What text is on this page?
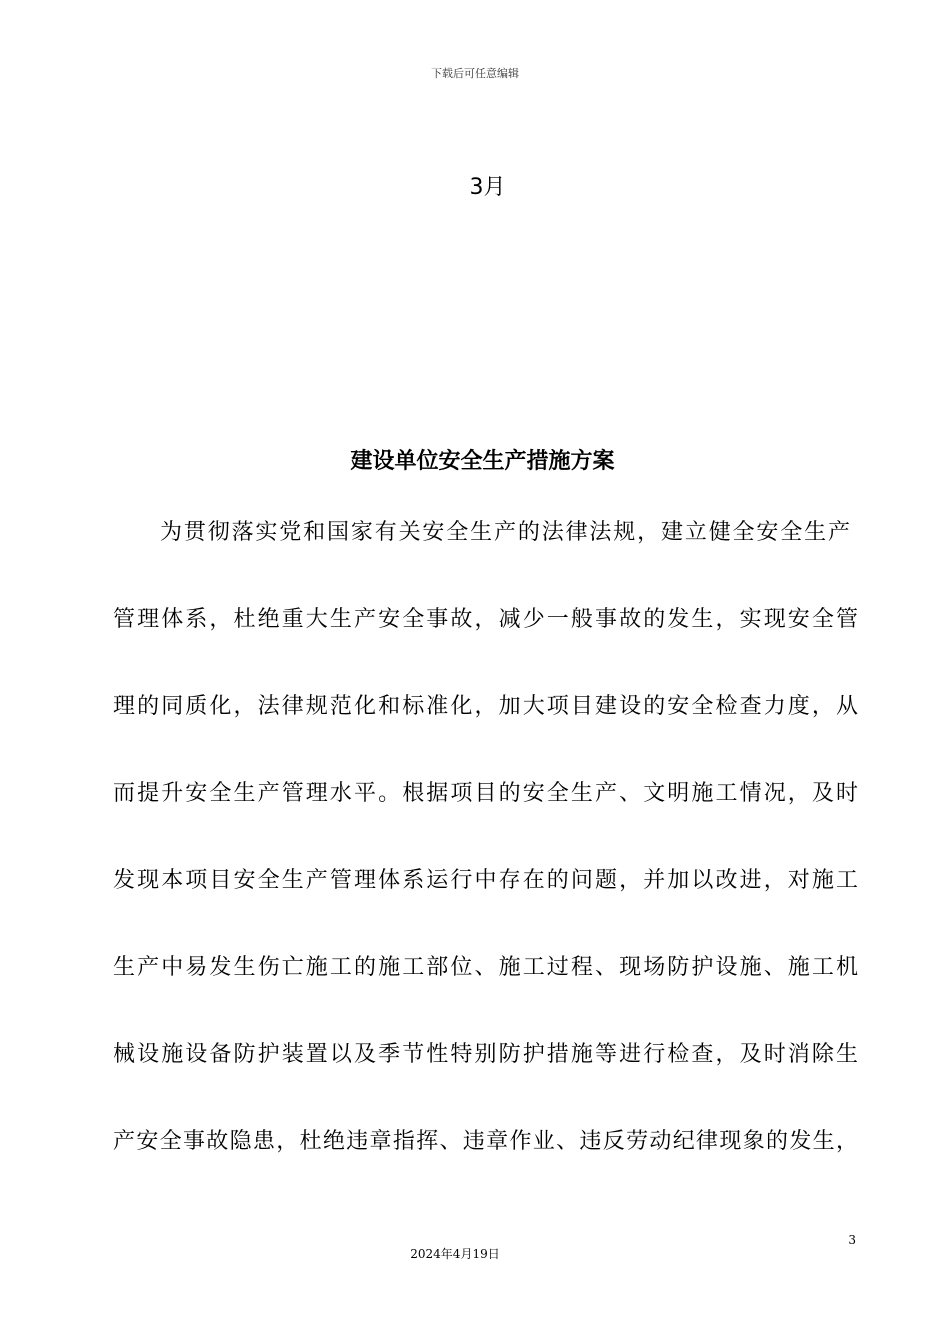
下载后可任意编辑
3月
建设单位安全生产措施方案
为贯彻落实党和国家有关安全生产的法律法规，建立健全安全生产
管理体系，杜绝重大生产安全事故，减少一般事故的发生，实现安全管
理的同质化，法律规范化和标准化，加大项目建设的安全检查力度，从
而提升安全生产管理水平。根据项目的安全生产、文明施工情况，及时
发现本项目安全生产管理体系运行中存在的问题，并加以改进，对施工
生产中易发生伤亡施工的施工部位、施工过程、现场防护设施、施工机
械设施设备防护装置以及季节性特别防护措施等进行检查，及时消除生
产安全事故隐患，杜绝违章指挥、违章作业、违反劳动纪律现象的发生，
3
2024年4月19日
